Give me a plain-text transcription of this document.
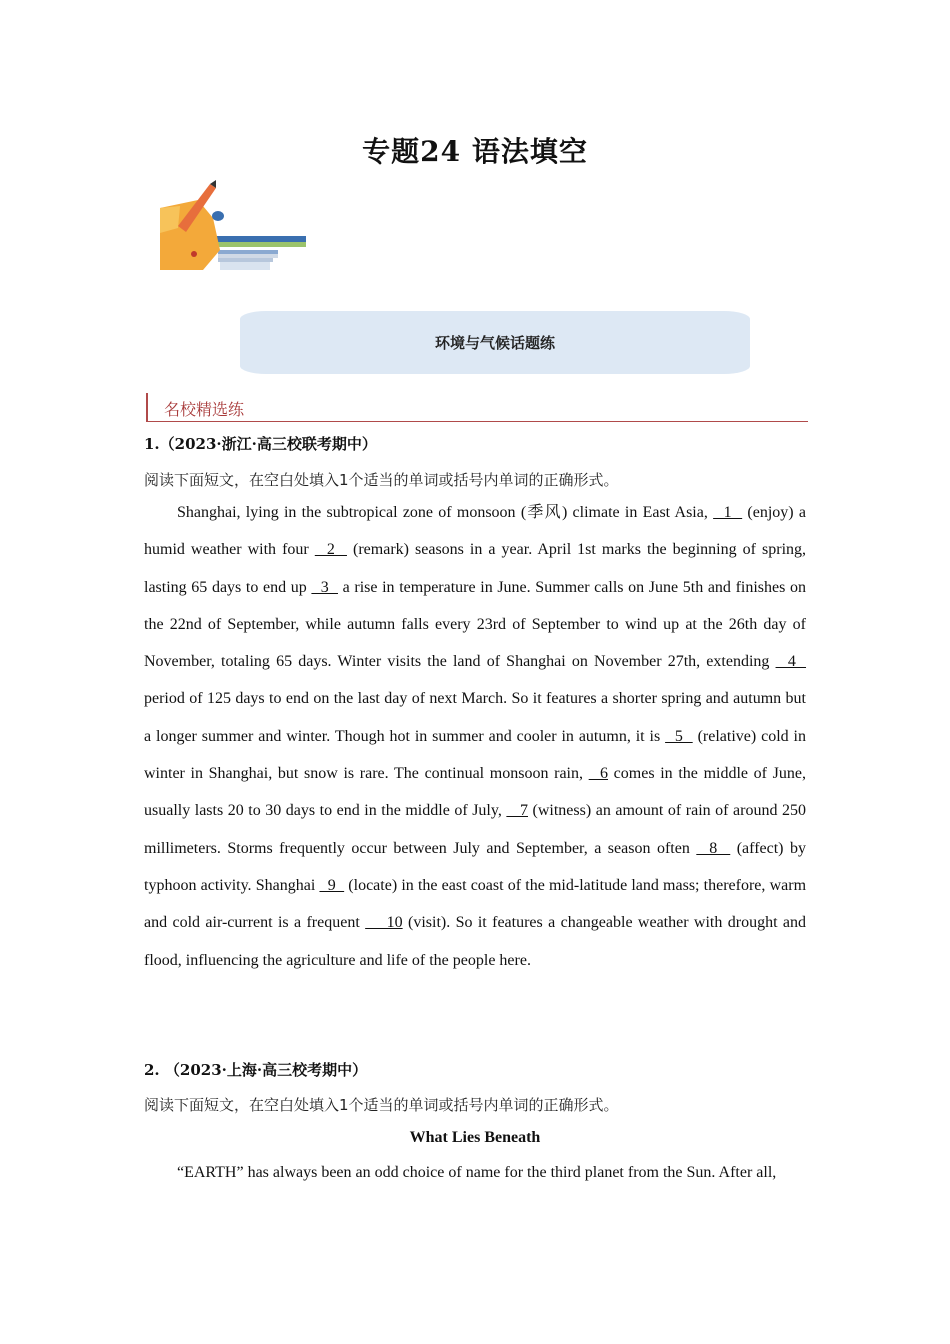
专题24 语法填空
环境与气候话题练
名校精选练
1.（2023·浙江·高三校联考期中）
阅读下面短文，在空白处填入1个适当的单词或括号内单词的正确形式。
Shanghai, lying in the subtropical zone of monsoon (季风) climate in East Asia,   1   (enjoy) a humid weather with four   2   (remark) seasons in a year. April 1st marks the beginning of spring, lasting 65 days to end up   3   a rise in temperature in June. Summer calls on June 5th and finishes on the 22nd of September, while autumn falls every 23rd of September to wind up at the 26th day of November, totaling 65 days. Winter visits the land of Shanghai on November 27th, extending   4   period of 125 days to end on the last day of next March. So it features a shorter spring and autumn but a longer summer and winter. Though hot in summer and cooler in autumn, it is   5   (relative) cold in winter in Shanghai, but snow is rare. The continual monsoon rain,   6 comes in the middle of June, usually lasts 20 to 30 days to end in the middle of July,    7 (witness) an amount of rain of around 250 millimeters. Storms frequently occur between July and September, a season often   8   (affect) by typhoon activity. Shanghai   9   (locate) in the east coast of the mid-latitude land mass; therefore, warm and cold air-current is a frequent     10 (visit). So it features a changeable weather with drought and flood, influencing the agriculture and life of the people here.
2. （2023·上海·高三校考期中）
阅读下面短文，在空白处填入1个适当的单词或括号内单词的正确形式。
What Lies Beneath
“EARTH” has always been an odd choice of name for the third planet from the Sun. After all,
